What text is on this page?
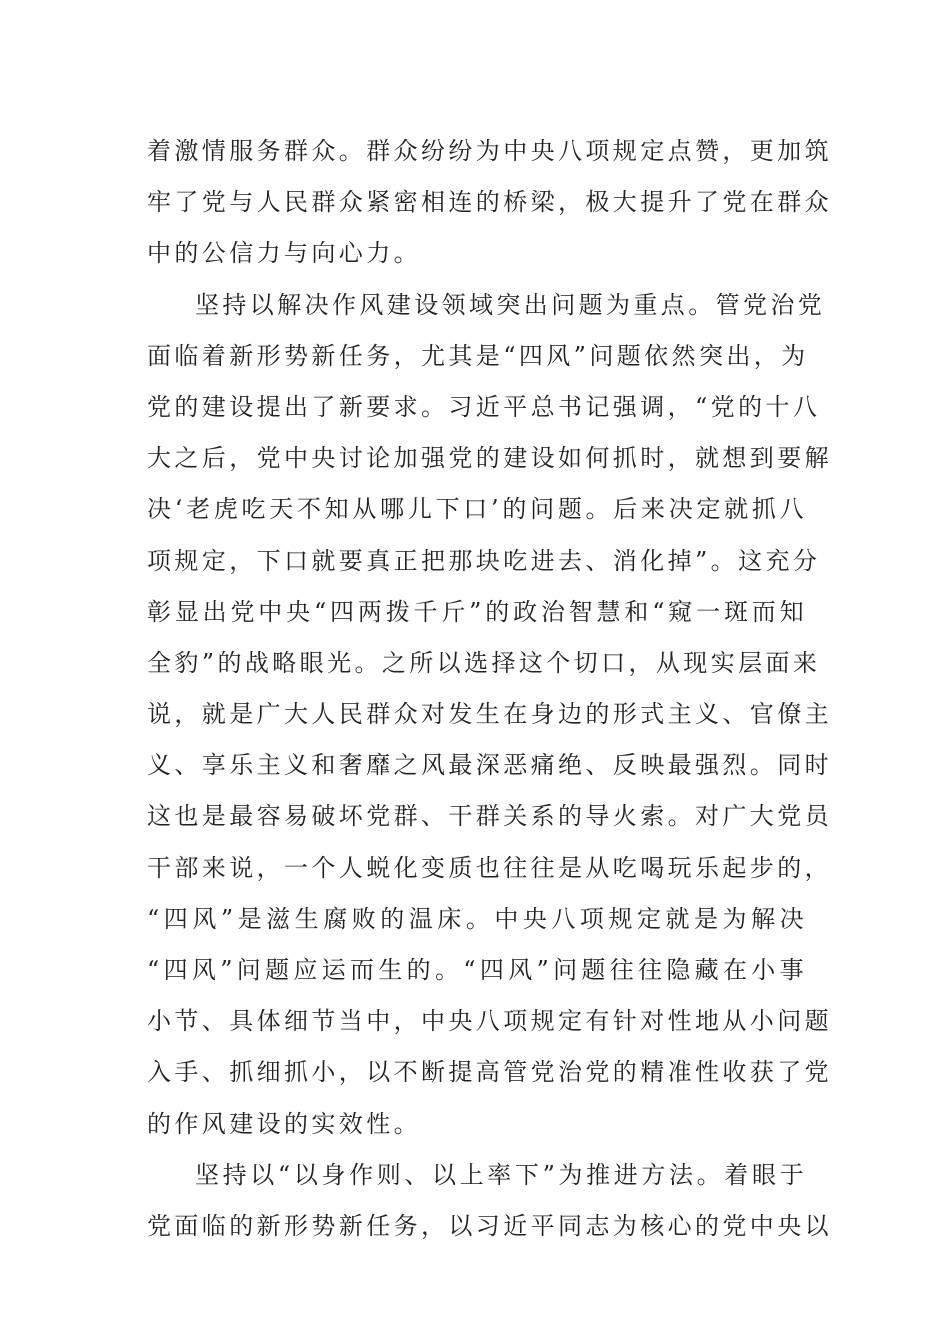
着激情服务群众。群众纷纷为中央八项规定点赞，更加筑
牢了党与人民群众紧密相连的桥梁，极大提升了党在群众
中的公信力与向心力。
坚持以解决作风建设领域突出问题为重点。管党治党
面临着新形势新任务，尤其是“四风”问题依然突出，为
党的建设提出了新要求。习近平总书记强调，“党的十八
大之后，党中央讨论加强党的建设如何抓时，就想到要解
决‘老虎吃天不知从哪儿下口’的问题。后来决定就抓八
项规定，下口就要真正把那块吃进去、消化掉”。这充分
彰显出党中央“四两拨千斤”的政治智慧和“窥一斑而知
全豹”的战略眼光。之所以选择这个切口，从现实层面来
说，就是广大人民群众对发生在身边的形式主义、官僚主
义、享乐主义和奢靡之风最深恶痛绝、反映最强烈。同时
这也是最容易破坏党群、干群关系的导火索。对广大党员
干部来说，一个人蜕化变质也往往是从吃喝玩乐起步的，
“四风”是滋生腐败的温床。中央八项规定就是为解决
“四风”问题应运而生的。“四风”问题往往隐藏在小事
小节、具体细节当中，中央八项规定有针对性地从小问题
入手、抓细抓小，以不断提高管党治党的精准性收获了党
的作风建设的实效性。
坚持以“以身作则、以上率下”为推进方法。着眼于
党面临的新形势新任务，以习近平同志为核心的党中央以
